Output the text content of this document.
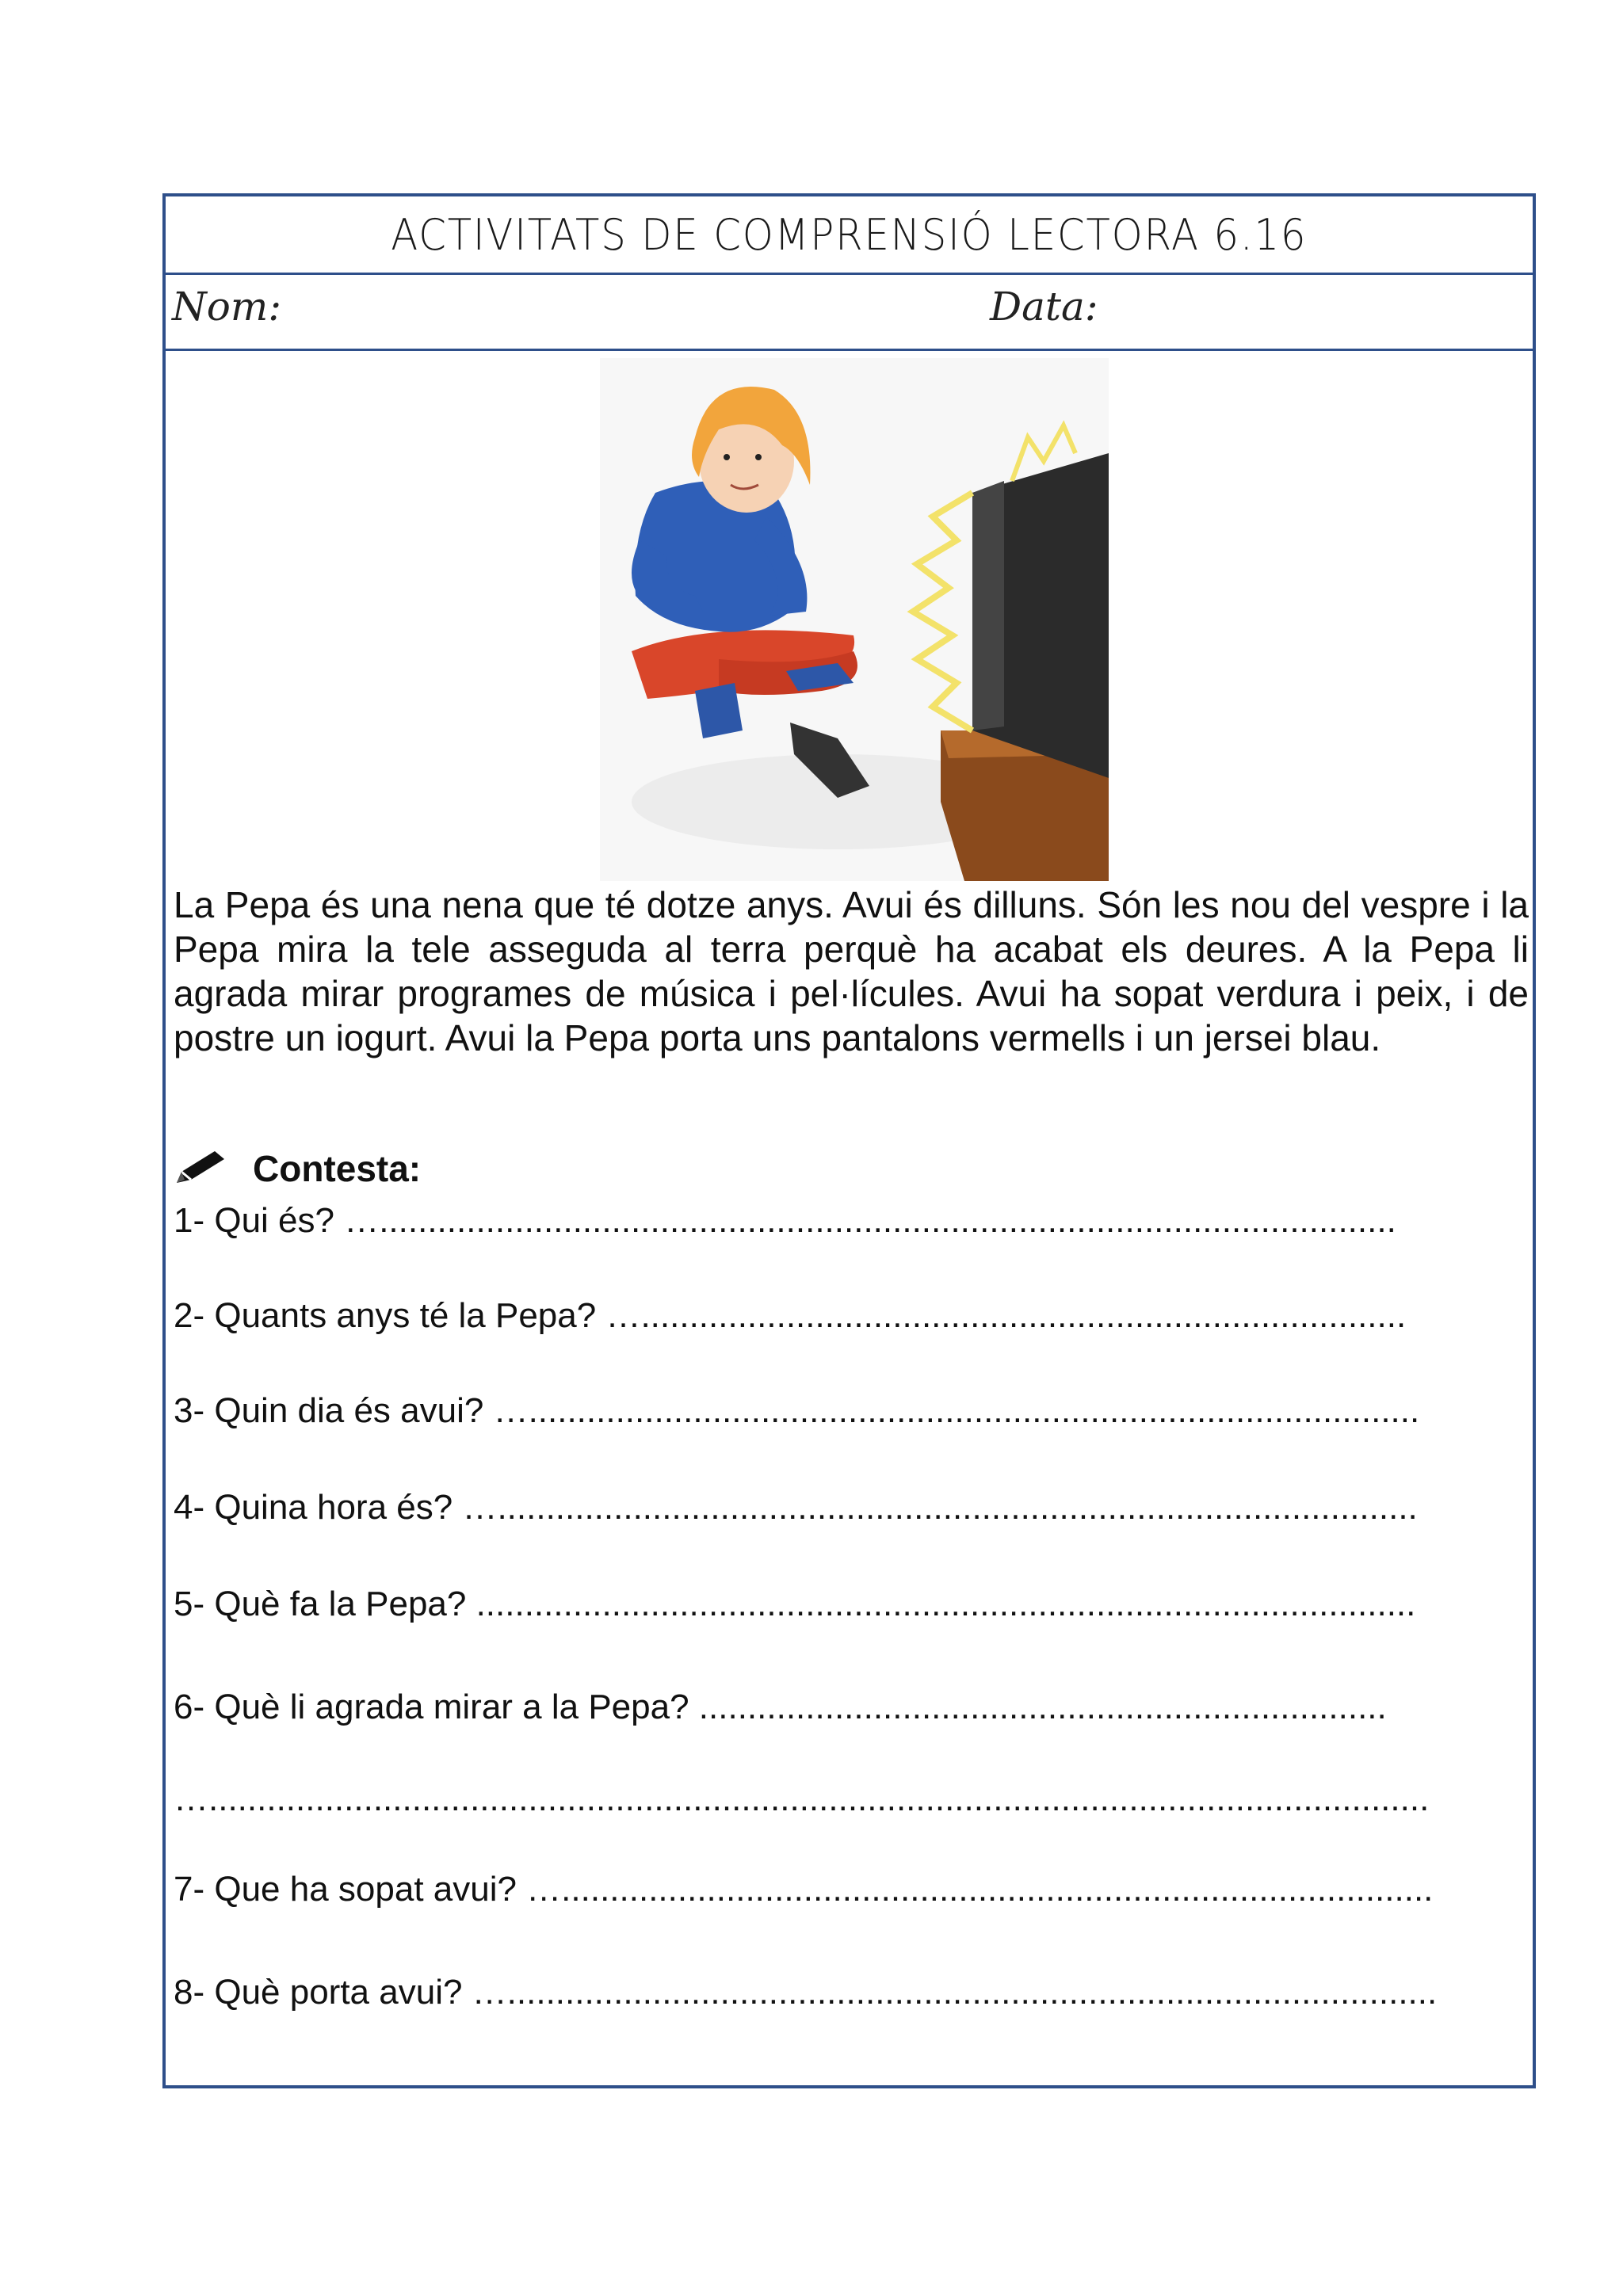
ACTIVITATS DE COMPRENSIÓ LECTORA 6.16
Nom:	Data:
La Pepa és una nena que té dotze anys. Avui és dilluns. Són les nou del vespre i la Pepa mira la tele asseguda al terra perquè ha acabat els deures. A la Pepa li agrada mirar programes de música i pel·lícules. Avui ha sopat verdura i peix, i de postre un iogurt. Avui la Pepa porta uns pantalons vermells i un jersei blau.
Contesta:
1- Qui és? ….........................................................................................................
2- Quants anys té la Pepa? …...............................................................................
3- Quin dia és avui? …............................................................................................
4- Quina hora és? …...............................................................................................
5- Què fa la Pepa? .................................................................................................
6- Què li agrada mirar a la Pepa? .......................................................................
…..............................................................................................................................
7- Que ha sopat avui? …..........................................................................................
8- Què porta avui? …................................................................................................
